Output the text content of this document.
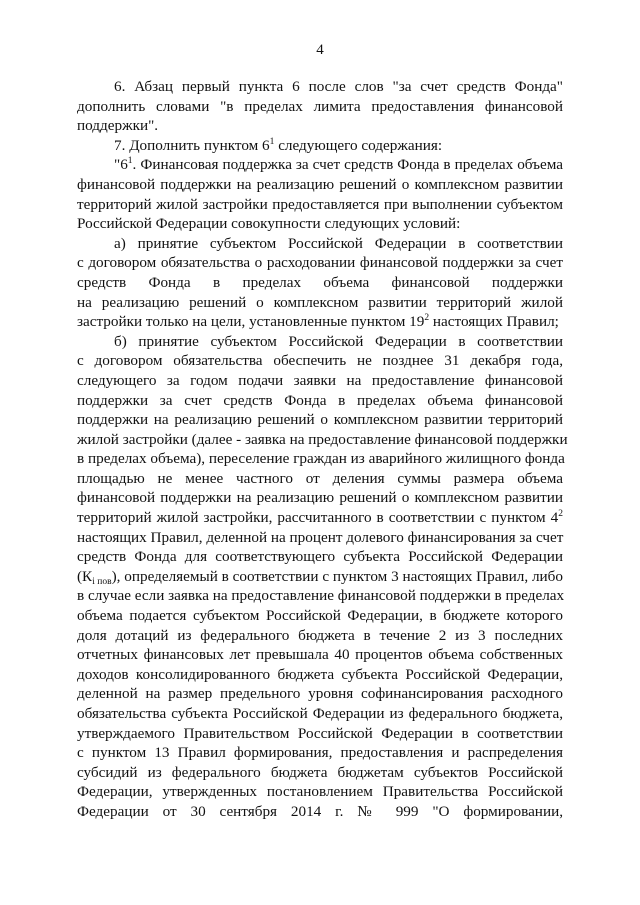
4
6. Абзац первый пункта 6 после слов "за счет средств Фонда"
дополнить словами "в пределах лимита предоставления финансовой
поддержки".
7. Дополнить пунктом $6^1$ следующего содержания:
"$6^1$. Финансовая поддержка за счет средств Фонда в пределах объема
финансовой поддержки на реализацию решений о комплексном развитии
территорий жилой застройки предоставляется при выполнении субъектом
Российской Федерации совокупности следующих условий:
а) принятие субъектом Российской Федерации в соответствии
с договором обязательства о расходовании финансовой поддержки за счет
средств Фонда в пределах объема финансовой поддержки
на реализацию решений о комплексном развитии территорий жилой
застройки только на цели, установленные пунктом $19^2$ настоящих Правил;
б) принятие субъектом Российской Федерации в соответствии
с договором обязательства обеспечить не позднее 31 декабря года,
следующего за годом подачи заявки на предоставление финансовой
поддержки за счет средств Фонда в пределах объема финансовой
поддержки на реализацию решений о комплексном развитии территорий
жилой застройки (далее - заявка на предоставление финансовой поддержки
в пределах объема), переселение граждан из аварийного жилищного фонда
площадью не менее частного от деления суммы размера объема
финансовой поддержки на реализацию решений о комплексном развитии
территорий жилой застройки, рассчитанного в соответствии с пунктом $4^2$
настоящих Правил, деленной на процент долевого финансирования за счет
средств Фонда для соответствующего субъекта Российской Федерации
$(К_{i пов})$, определяемый в соответствии с пунктом 3 настоящих Правил, либо
в случае если заявка на предоставление финансовой поддержки в пределах
объема подается субъектом Российской Федерации, в бюджете которого
доля дотаций из федерального бюджета в течение 2 из 3 последних
отчетных финансовых лет превышала 40 процентов объема собственных
доходов консолидированного бюджета субъекта Российской Федерации,
деленной на размер предельного уровня софинансирования расходного
обязательства субъекта Российской Федерации из федерального бюджета,
утверждаемого Правительством Российской Федерации в соответствии
с пунктом 13 Правил формирования, предоставления и распределения
субсидий из федерального бюджета бюджетам субъектов Российской
Федерации, утвержденных постановлением Правительства Российской
Федерации от 30 сентября 2014 г. № 999 "О формировании,
